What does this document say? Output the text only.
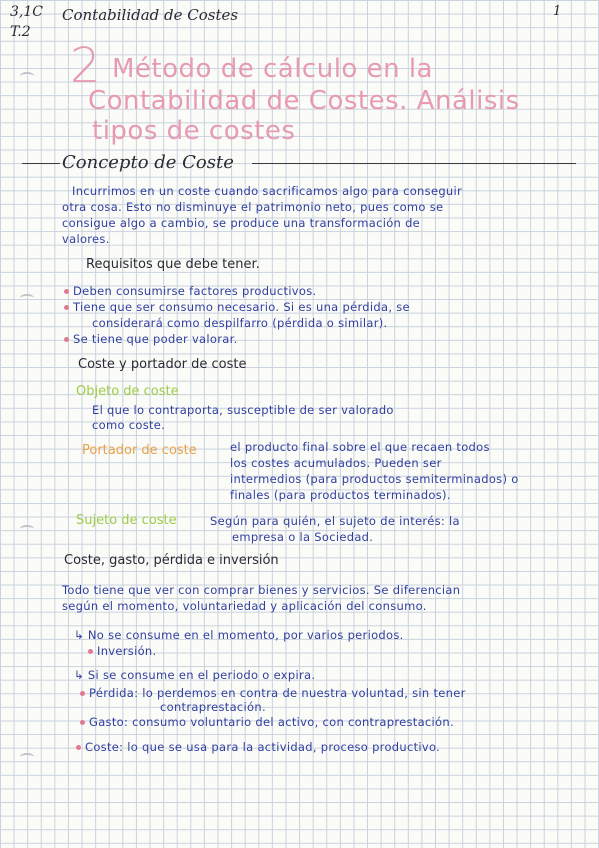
3,1C
T.2
Contabilidad de Costes	1
2 Método de cálculo en la
Contabilidad de Costes. Análisis
tipos de costes
Concepto de Coste
Incurrimos en un coste cuando sacrificamos algo para conseguir
otra cosa. Esto no disminuye el patrimonio neto, pues como se
consigue algo a cambio, se produce una transformación de
valores.
Requisitos que debe tener.
Deben consumirse factores productivos.
Tiene que ser consumo necesario. Si es una pérdida, se
considerará como despilfarro (pérdida o similar).
Se tiene que poder valorar.
Coste y portador de coste
Objeto de coste
El que lo contraporta, susceptible de ser valorado
como coste.
Portador de coste	el producto final sobre el que recaen todos
los costes acumulados. Pueden ser
intermedios (para productos semiterminados) o
finales (para productos terminados).
Sujeto de coste	Según para quién, el sujeto de interés: la
empresa o la Sociedad.
Coste, gasto, pérdida e inversión
Todo tiene que ver con comprar bienes y servicios. Se diferencian
según el momento, voluntariedad y aplicación del consumo.
↳ No se consume en el momento, por varios periodos.
Inversión.
↳ Si se consume en el periodo o expira.
Pérdida: lo perdemos en contra de nuestra voluntad, sin tener
contraprestación.
Gasto: consumo voluntario del activo, con contraprestación.
Coste: lo que se usa para la actividad, proceso productivo.
